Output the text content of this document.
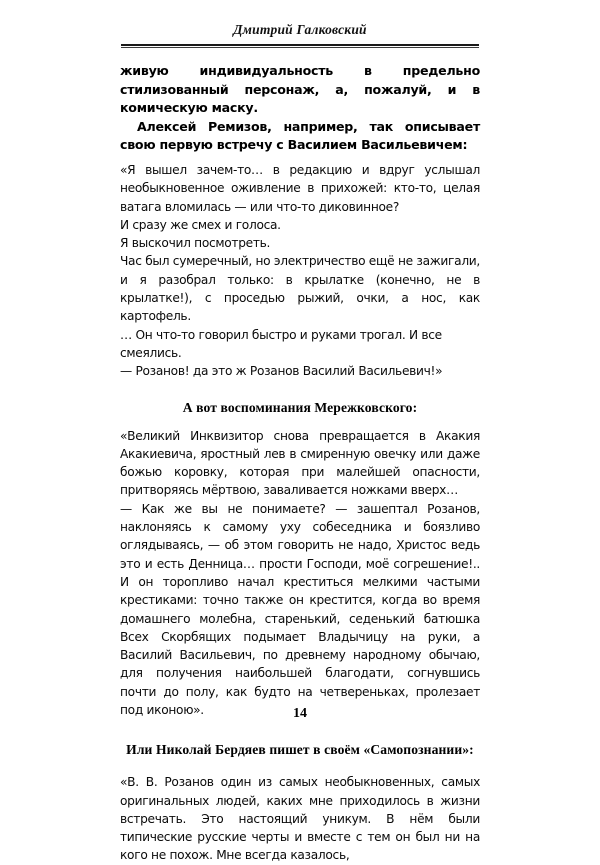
Дмитрий Галковский

живую индивидуальность в предельно стилизованный персонаж, а, пожалуй, и в комическую маску.

Алексей Ремизов, например, так описывает свою первую встречу с Василием Васильевичем:

«Я вышел зачем-то… в редакцию и вдруг услышал необыкновенное оживление в прихожей: кто-то, целая ватага вломилась — или что-то диковинное?

И сразу же смех и голоса.

Я выскочил посмотреть.

Час был сумеречный, но электричество ещё не зажигали, и я разобрал только: в крылатке (конечно, не в крылатке!), с проседью рыжий, очки, а нос, как картофель.

… Он что-то говорил быстро и руками трогал. И все смеялись.

— Розанов! да это ж Розанов Василий Васильевич!»

А вот воспоминания Мережковского:

«Великий Инквизитор снова превращается в Акакия Акакиевича, яростный лев в смиренную овечку или даже божью коровку, которая при малейшей опасности, притворяясь мёртвою, заваливается ножками вверх…

— Как же вы не понимаете? — зашептал Розанов, наклоняясь к самому уху собеседника и боязливо оглядываясь, — об этом говорить не надо, Христос ведь это и есть Денница… прости Господи, моё согрешение!.. И он торопливо начал креститься мелкими частыми крестиками: точно также он крестится, когда во время домашнего молебна, старенький, седенький батюшка Всех Скорбящих подымает Владычицу на руки, а Василий Васильевич, по древнему народному обычаю, для получения наибольшей благодати, согнувшись почти до полу, как будто на четвереньках, пролезает под иконою».

Или Николай Бердяев пишет в своём «Самопознании»:

«В. В. Розанов один из самых необыкновенных, самых оригинальных людей, каких мне приходилось в жизни встречать. Это настоящий уникум. В нём были типические русские черты и вместе с тем он был ни на кого не похож. Мне всегда казалось,

14
